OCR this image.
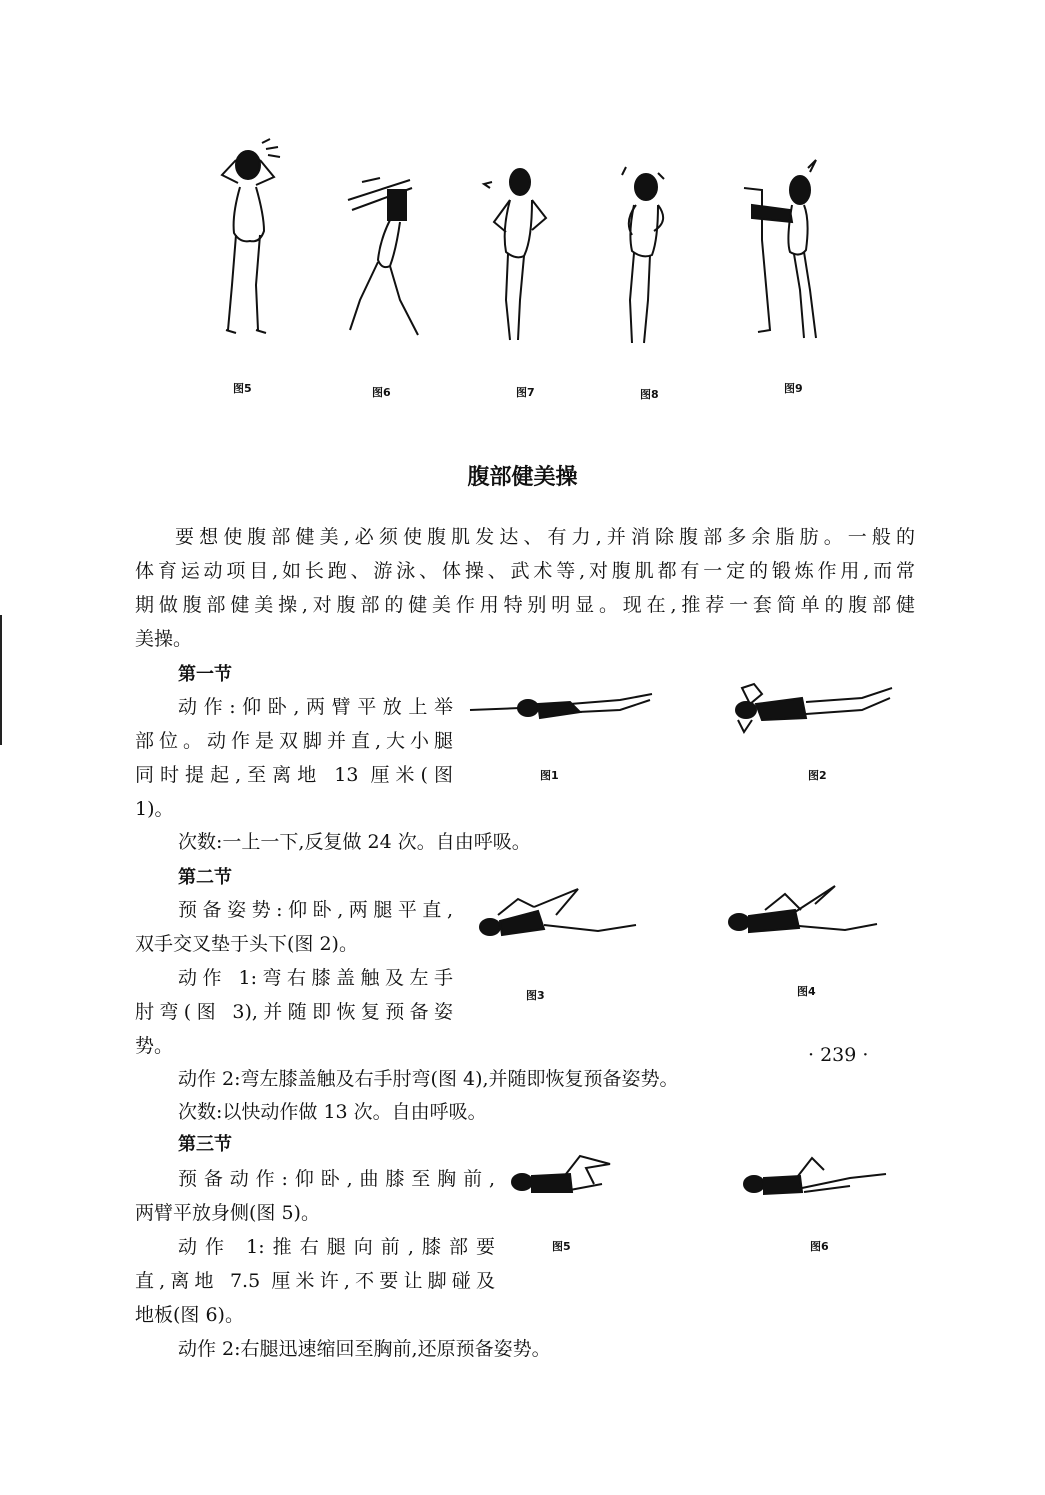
图5	图6	图7	图8	图9
腹部健美操
要想使腹部健美,必须使腹肌发达、有力,并消除腹部多余脂肪。一般的
体育运动项目,如长跑、游泳、体操、武术等,对腹肌都有一定的锻炼作用,而常
期做腹部健美操,对腹部的健美作用特别明显。现在,推荐一套简单的腹部健
美操。
第一节
动作:仰卧,两臂平放上举
部位。动作是双脚并直,大小腿
同时提起,至离地 13 厘米(图
1)。
次数:一上一下,反复做 24 次。自由呼吸。
图1	图2
第二节
预备姿势:仰卧,两腿平直,
双手交叉垫于头下(图 2)。
动作 1:弯右膝盖触及左手
肘弯(图 3),并随即恢复预备姿
势。
动作 2:弯左膝盖触及右手肘弯(图 4),并随即恢复预备姿势。
次数:以快动作做 13 次。自由呼吸。
图3	图4
第三节
预备动作:仰卧,曲膝至胸前,
两臂平放身侧(图 5)。
动作 1:推右腿向前,膝部要
直,离地 7.5 厘米许,不要让脚碰及
地板(图 6)。
动作 2:右腿迅速缩回至胸前,还原预备姿势。
图5	图6
· 239 ·
